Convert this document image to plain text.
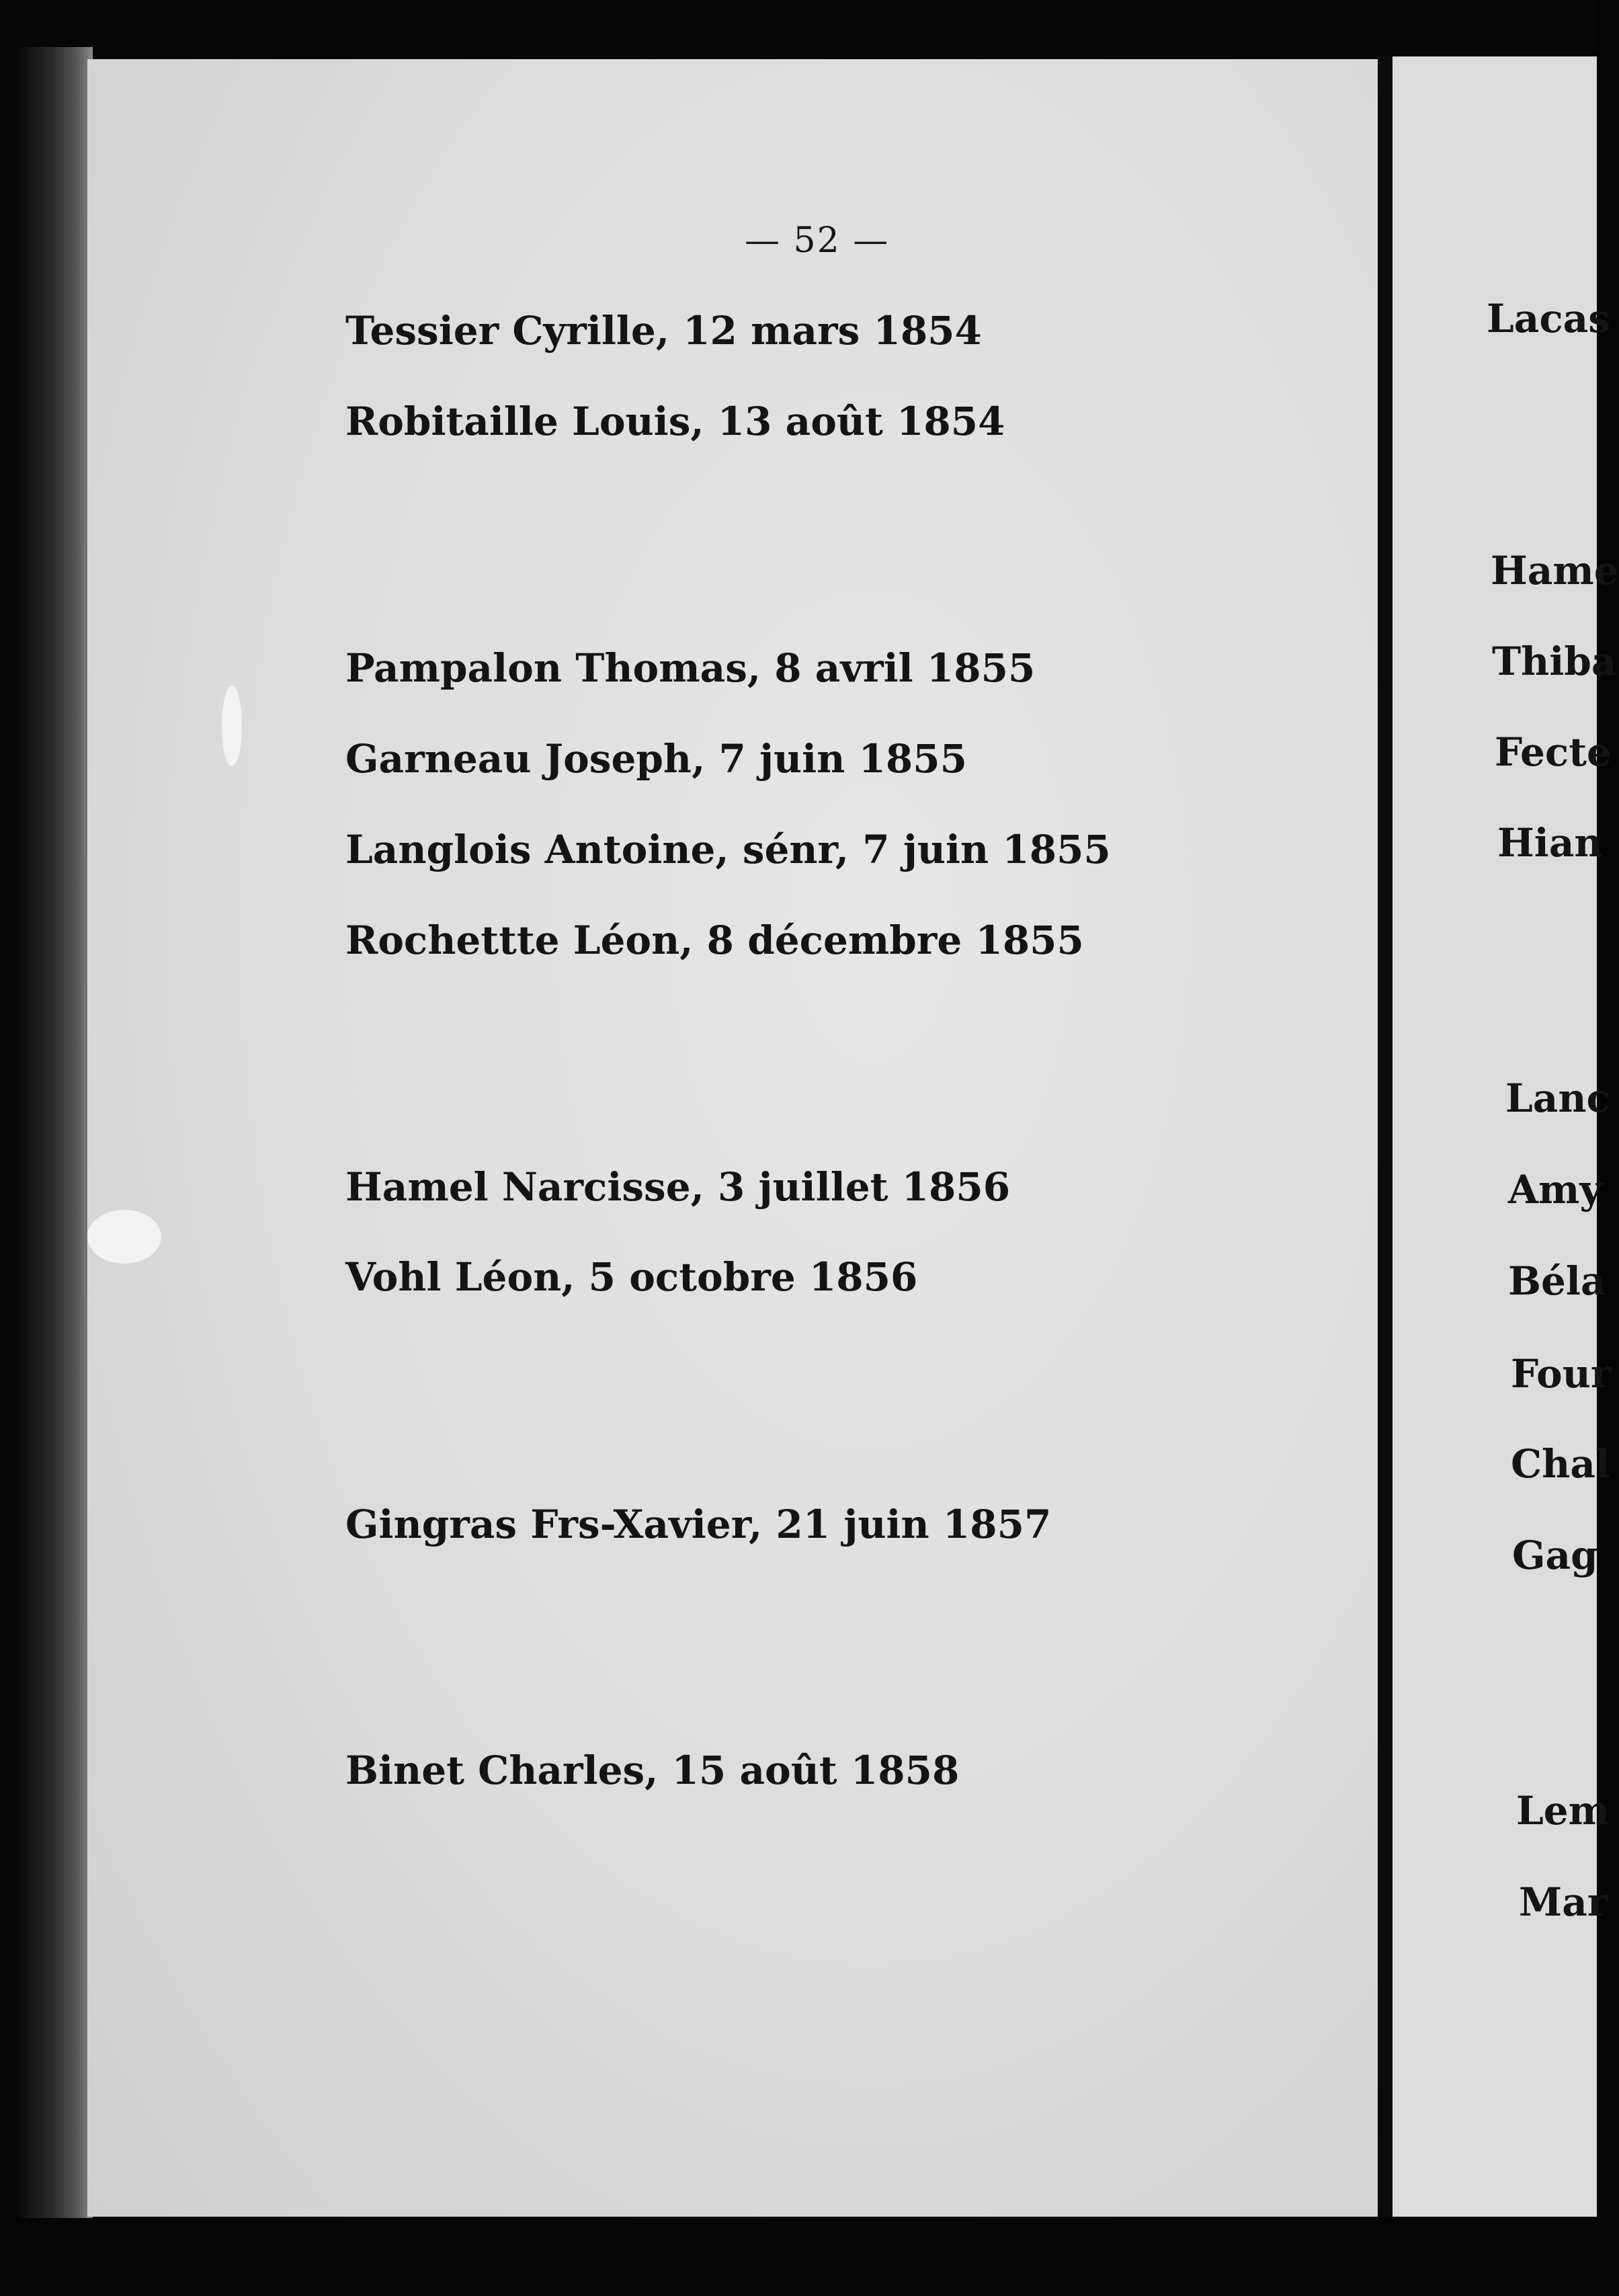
— 52 —
Tessier Cyrille, 12 mars 1854
Robitaille Louis, 13 août 1854
Pampalon Thomas, 8 avril 1855
Garneau Joseph, 7 juin 1855
Langlois Antoine, sénr, 7 juin 1855
Rochettte Léon, 8 décembre 1855
Hamel Narcisse, 3 juillet 1856
Vohl Léon, 5 octobre 1856
Gingras Frs-Xavier, 21 juin 1857
Binet Charles, 15 août 1858
Lacas
Hame
Thiba
Fecte
Hian
Lanc
Amy
Béla
Four
Chal
Gag
Lem
Mar
